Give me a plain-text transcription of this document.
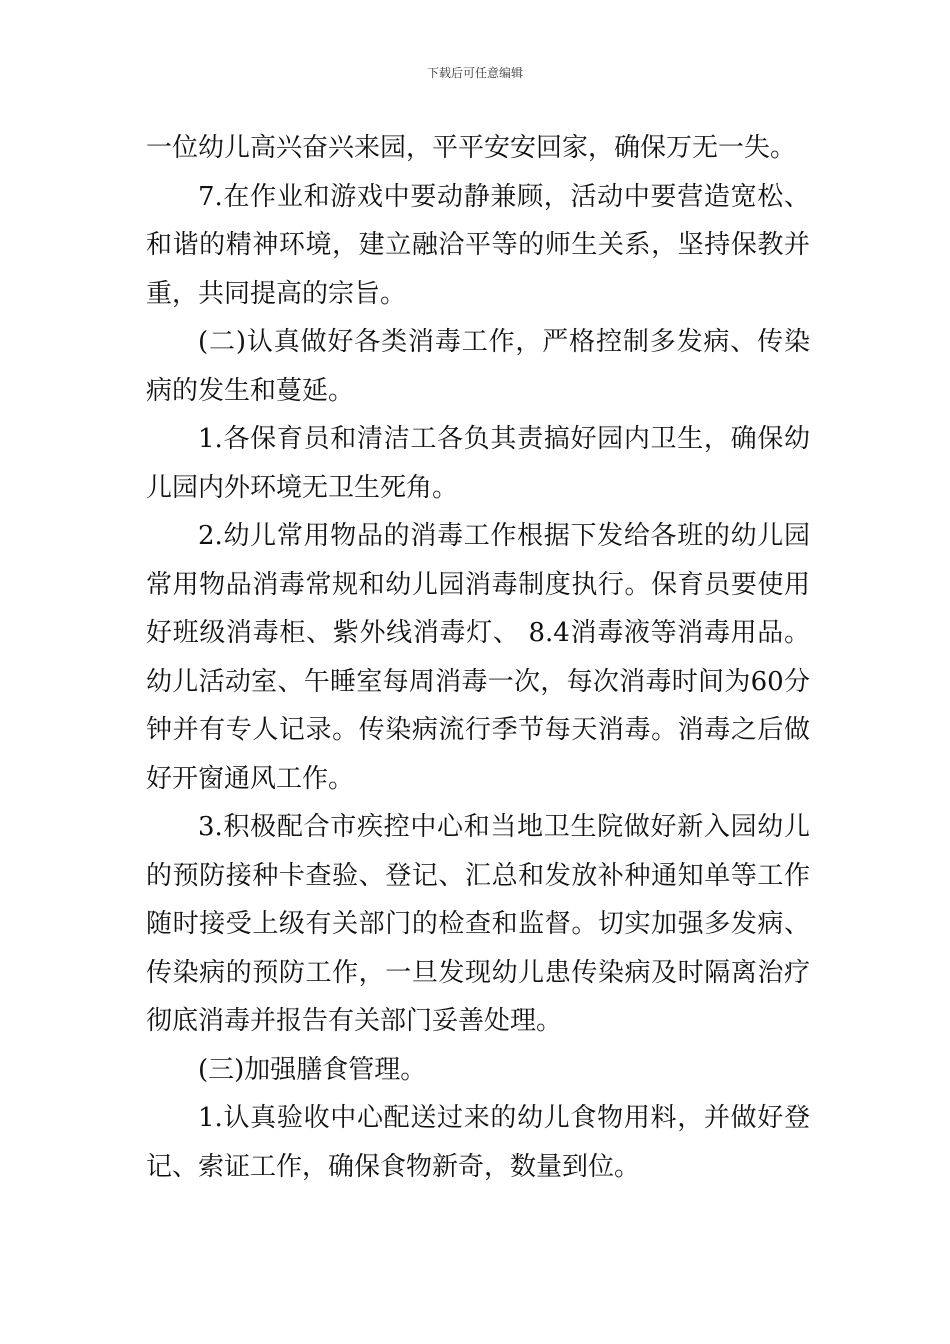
下载后可任意编辑

一位幼儿高兴奋兴来园，平平安安回家，确保万无一失。

7.在作业和游戏中要动静兼顾，活动中要营造宽松、和谐的精神环境，建立融洽平等的师生关系，坚持保教并重，共同提高的宗旨。

(二)认真做好各类消毒工作，严格控制多发病、传染病的发生和蔓延。

1.各保育员和清洁工各负其责搞好园内卫生，确保幼儿园内外环境无卫生死角。

2.幼儿常用物品的消毒工作根据下发给各班的幼儿园常用物品消毒常规和幼儿园消毒制度执行。保育员要使用好班级消毒柜、紫外线消毒灯、 8.4消毒液等消毒用品。幼儿活动室、午睡室每周消毒一次，每次消毒时间为60分钟并有专人记录。传染病流行季节每天消毒。消毒之后做好开窗通风工作。

3.积极配合市疾控中心和当地卫生院做好新入园幼儿的预防接种卡查验、登记、汇总和发放补种通知单等工作随时接受上级有关部门的检查和监督。切实加强多发病、传染病的预防工作，一旦发现幼儿患传染病及时隔离治疗彻底消毒并报告有关部门妥善处理。

(三)加强膳食管理。

1.认真验收中心配送过来的幼儿食物用料，并做好登记、索证工作，确保食物新奇，数量到位。
